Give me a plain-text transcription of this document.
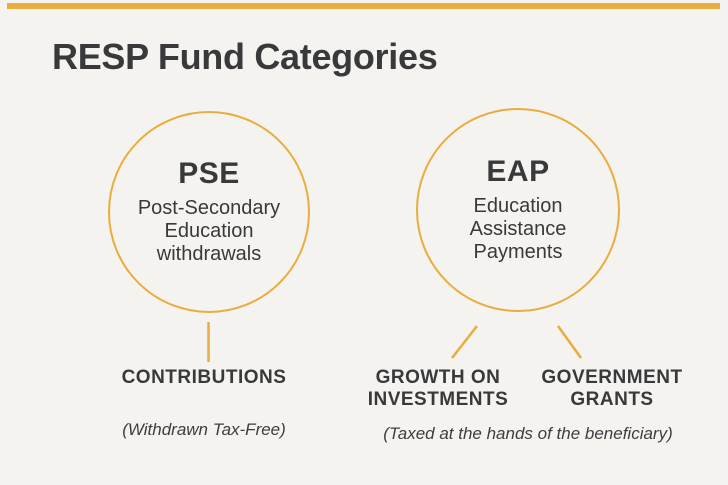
RESP Fund Categories
PSE
Post-Secondary
Education
withdrawals
EAP
Education
Assistance
Payments
CONTRIBUTIONS	GROWTH ON INVESTMENTS
GOVERNMENT GRANTS
(Withdrawn Tax-Free)	(Taxed at the hands of the beneficiary)
